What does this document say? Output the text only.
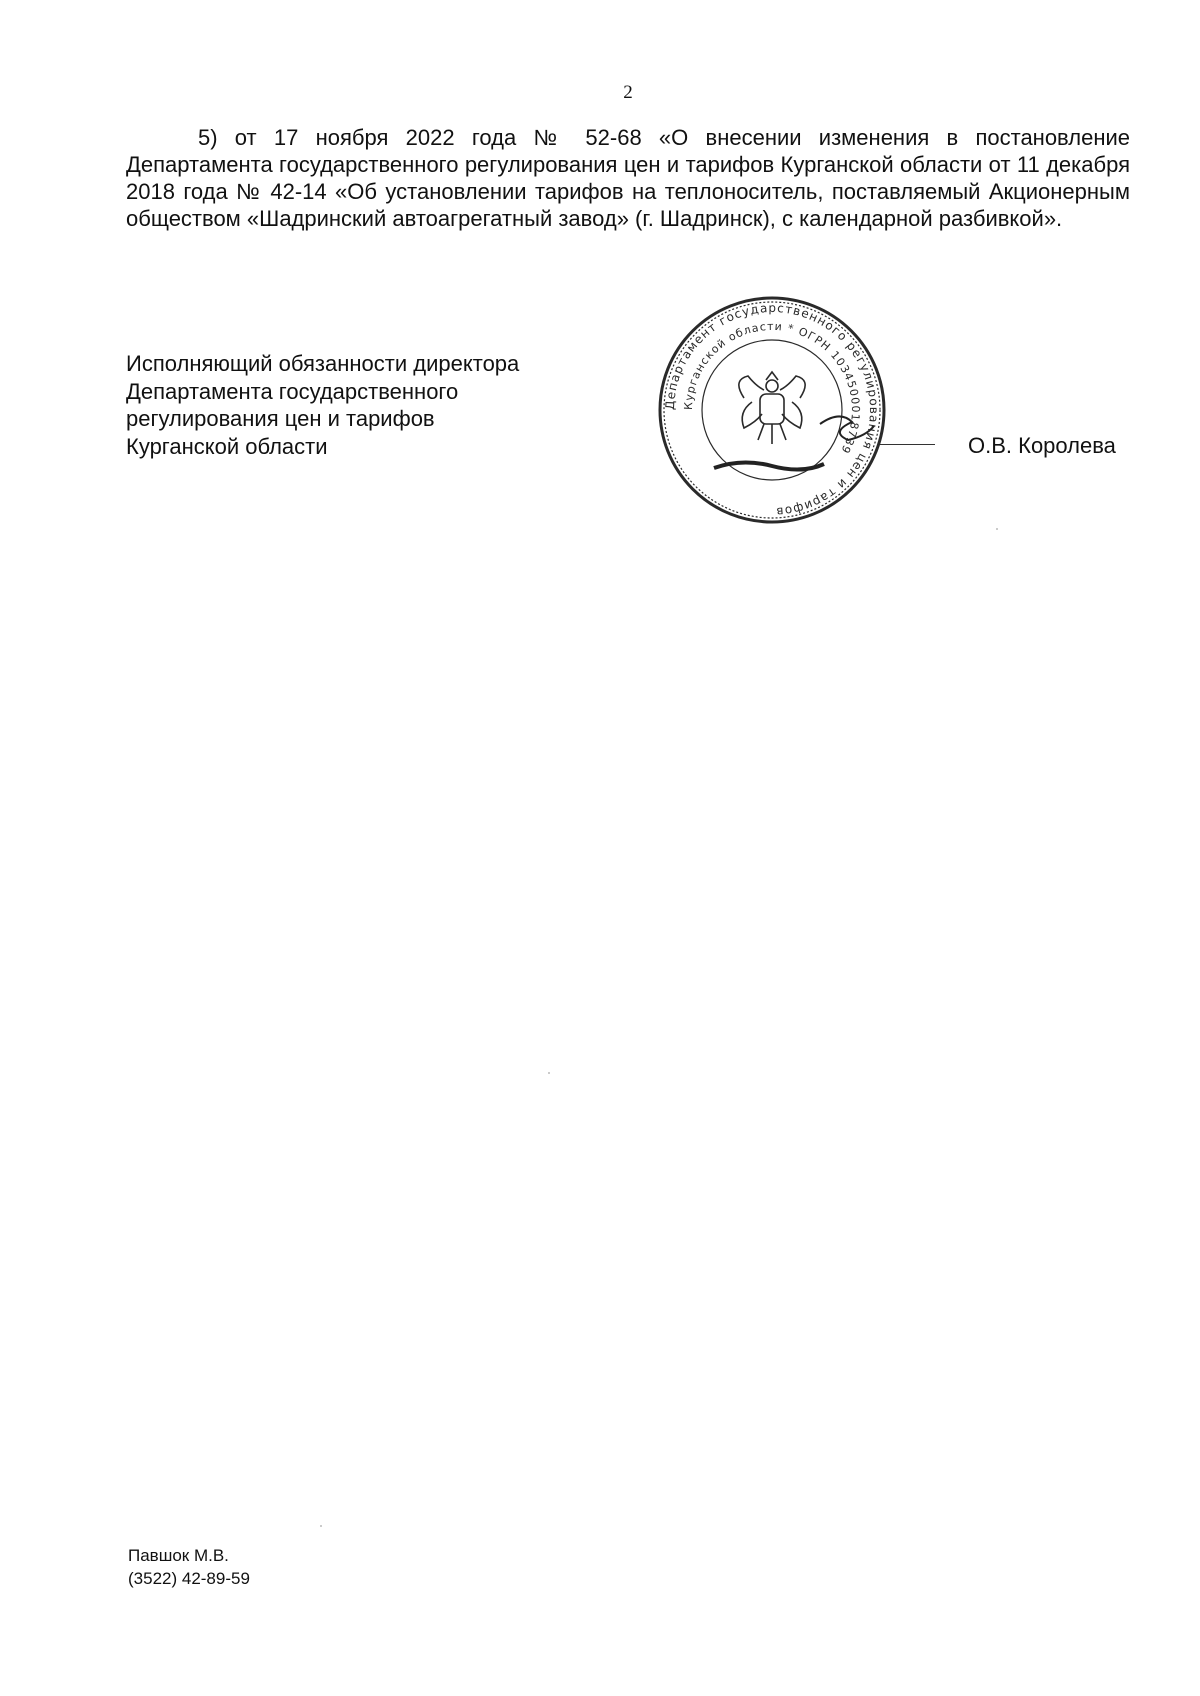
2

5) от 17 ноября 2022 года № 52-68 «О внесении изменения в постановление Департамента государственного регулирования цен и тарифов Курганской области от 11 декабря 2018 года № 42-14 «Об установлении тарифов на теплоноситель, поставляемый Акционерным обществом «Шадринский автоагрегатный завод» (г. Шадринск), с календарной разбивкой».

Исполняющий обязанности директора
Департамента государственного
регулирования цен и тарифов
Курганской области
Департамент государственного регулирования цен и тарифов
Курганской области * ОГРН 1034500018739	О.В. Королева
Павшок М.В.
(3522) 42-89-59
